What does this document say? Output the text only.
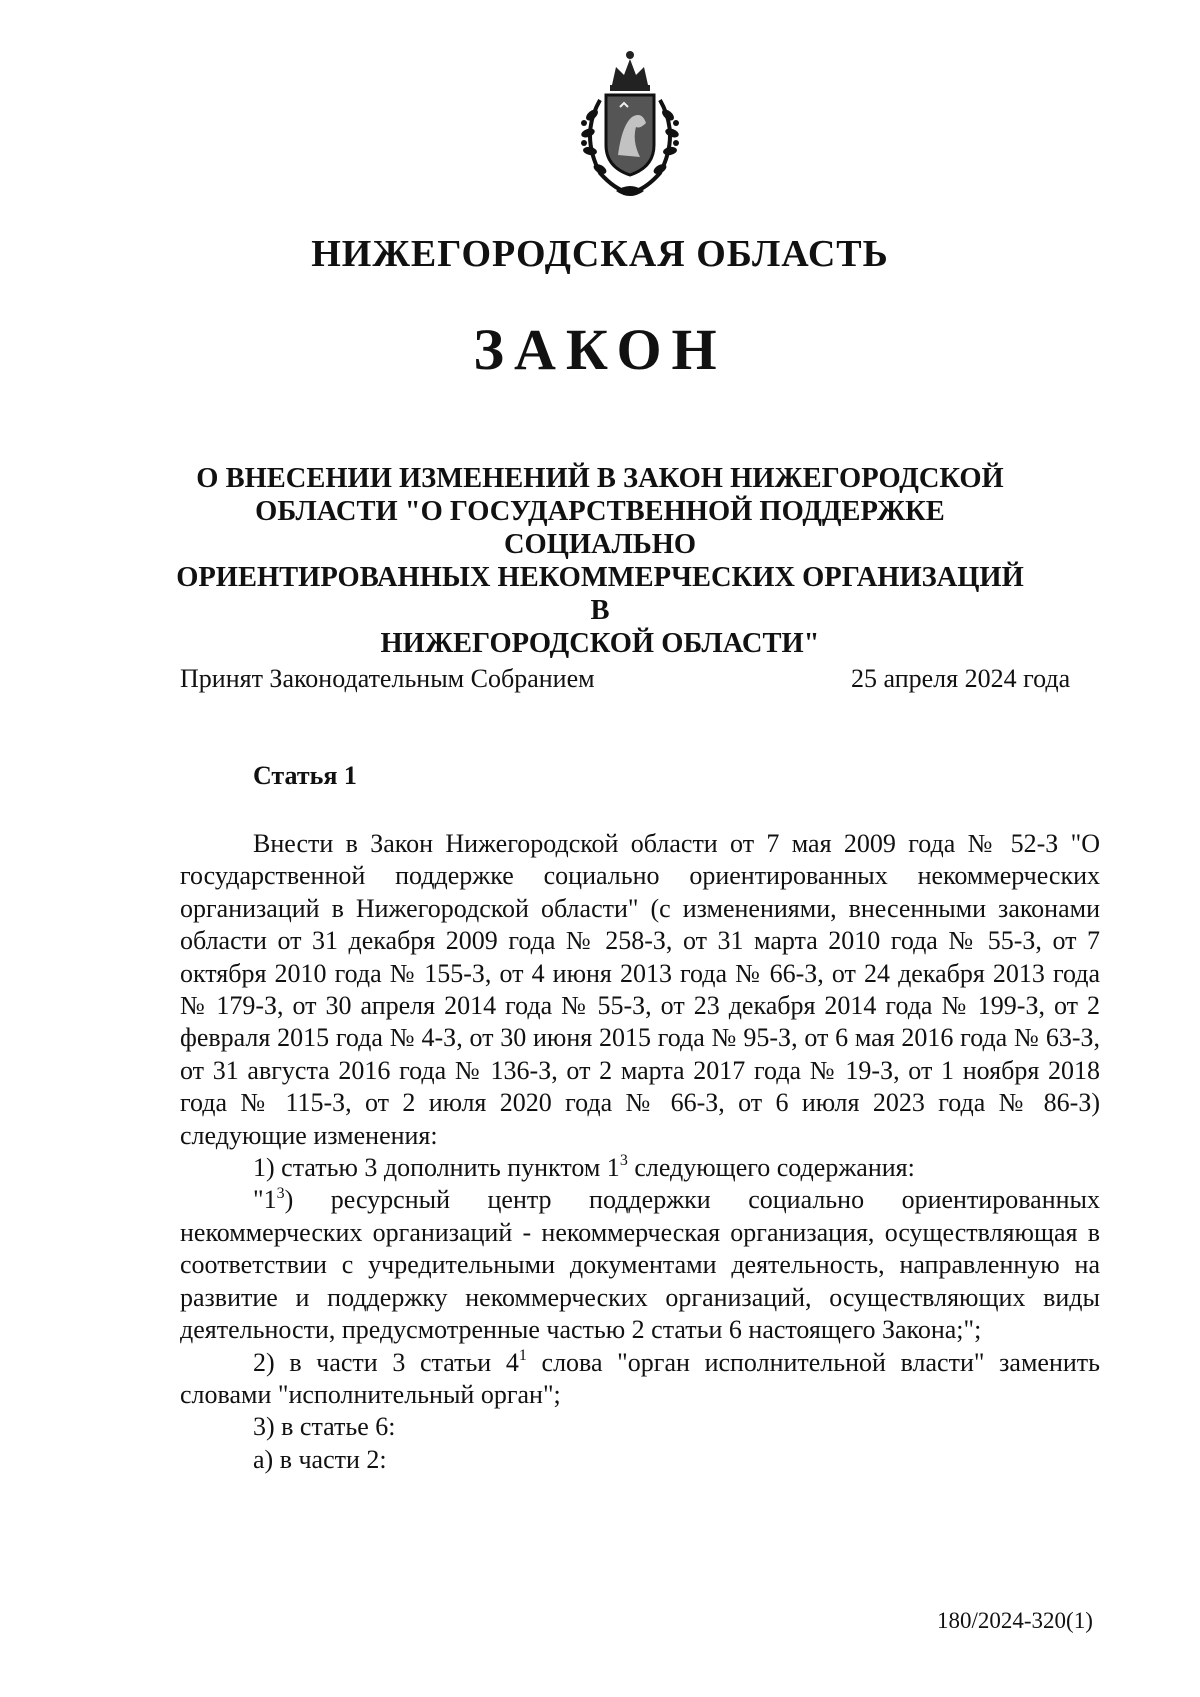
НИЖЕГОРОДСКАЯ ОБЛАСТЬ
ЗАКОН
О ВНЕСЕНИИ ИЗМЕНЕНИЙ В ЗАКОН НИЖЕГОРОДСКОЙ
ОБЛАСТИ "О ГОСУДАРСТВЕННОЙ ПОДДЕРЖКЕ СОЦИАЛЬНО
ОРИЕНТИРОВАННЫХ НЕКОММЕРЧЕСКИХ ОРГАНИЗАЦИЙ В
НИЖЕГОРОДСКОЙ ОБЛАСТИ"
Принят Законодательным Собранием	25 апреля 2024 года
Статья 1

Внести в Закон Нижегородской области от 7 мая 2009 года № 52-З "О государственной поддержке социально ориентированных некоммерческих организаций в Нижегородской области" (с изменениями, внесенными законами области от 31 декабря 2009 года № 258-З, от 31 марта 2010 года № 55-З, от 7 октября 2010 года № 155-З, от 4 июня 2013 года № 66-З, от 24 декабря 2013 года № 179-З, от 30 апреля 2014 года № 55-З, от 23 декабря 2014 года № 199-З, от 2 февраля 2015 года № 4-З, от 30 июня 2015 года № 95-З, от 6 мая 2016 года № 63-З, от 31 августа 2016 года № 136-З, от 2 марта 2017 года № 19-З, от 1 ноября 2018 года № 115-З, от 2 июля 2020 года № 66-З, от 6 июля 2023 года № 86-З) следующие изменения:

1) статью 3 дополнить пунктом $1^3$ следующего содержания:

"$1^3$) ресурсный центр поддержки социально ориентированных некоммерческих организаций - некоммерческая организация, осуществляющая в соответствии с учредительными документами деятельность, направленную на развитие и поддержку некоммерческих организаций, осуществляющих виды деятельности, предусмотренные частью 2 статьи 6 настоящего Закона;";

2) в части 3 статьи $4^1$ слова "орган исполнительной власти" заменить словами "исполнительный орган";

3) в статье 6:

а) в части 2:

180/2024-320(1)
